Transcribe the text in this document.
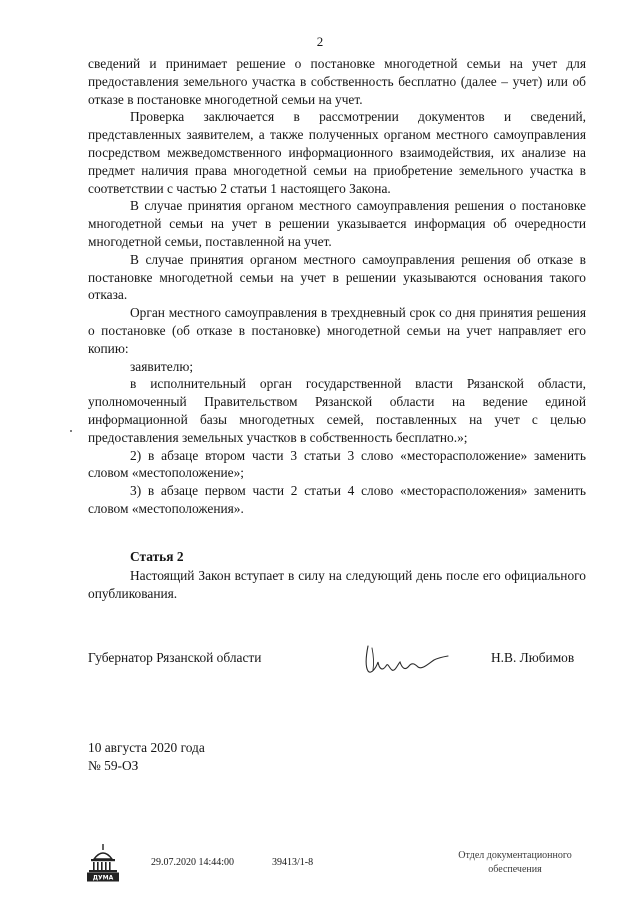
2

сведений и принимает решение о постановке многодетной семьи на учет для предоставления земельного участка в собственность бесплатно (далее – учет) или об отказе в постановке многодетной семьи на учет.

Проверка заключается в рассмотрении документов и сведений, представленных заявителем, а также полученных органом местного самоуправления посредством межведомственного информационного взаимодействия, их анализе на предмет наличия права многодетной семьи на приобретение земельного участка в соответствии с частью 2 статьи 1 настоящего Закона.

В случае принятия органом местного самоуправления решения о постановке многодетной семьи на учет в решении указывается информация об очередности многодетной семьи, поставленной на учет.

В случае принятия органом местного самоуправления решения об отказе в постановке многодетной семьи на учет в решении указываются основания такого отказа.

Орган местного самоуправления в трехдневный срок со дня принятия решения о постановке (об отказе в постановке) многодетной семьи на учет направляет его копию:

заявителю;

в исполнительный орган государственной власти Рязанской области, уполномоченный Правительством Рязанской области на ведение единой информационной базы многодетных семей, поставленных на учет с целью предоставления земельных участков в собственность бесплатно.»;

2) в абзаце втором части 3 статьи 3 слово «месторасположение» заменить словом «местоположение»;

3) в абзаце первом части 2 статьи 4 слово «месторасположения» заменить словом «местоположения».

Статья 2

Настоящий Закон вступает в силу на следующий день после его официального опубликования.

Губернатор Рязанской области	Н.В. Любимов
10 августа 2020 года
№ 59-ОЗ
ДУМА
29.07.2020 14:44:00	39413/1-8
Отдел документационного
обеспечения
